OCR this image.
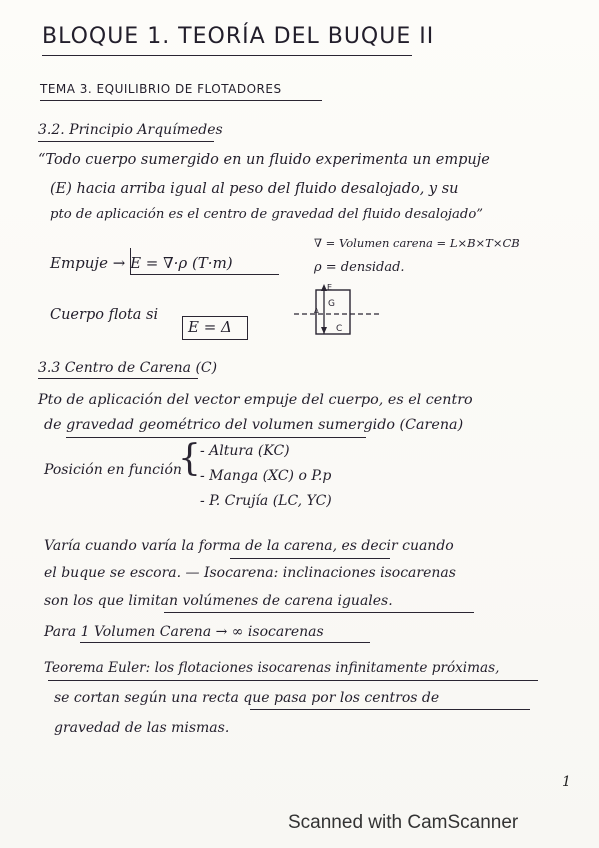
BLOQUE 1. TEORÍA DEL BUQUE II
TEMA 3. EQUILIBRIO DE FLOTADORES
3.2. Principio Arquímedes
“Todo cuerpo sumergido en un fluido experimenta un empuje
(E) hacia arriba igual al peso del fluido desalojado, y su
pto de aplicación es el centro de gravedad del fluido desalojado”
Empuje → E = ∇·ρ (T·m)
∇ = Volumen carena = L×B×T×CB
ρ = densidad.
Cuerpo flota si
E = Δ
G
C
E
Δ
3.3 Centro de Carena (C)
Pto de aplicación del vector empuje del cuerpo, es el centro
de gravedad geométrico del volumen sumergido (Carena)
Posición en función
{ - Altura (KC)
- Manga (XC) o P.p
- P. Crujía (LC, YC)
Varía cuando varía la forma de la carena, es decir cuando
el buque se escora. — Isocarena: inclinaciones isocarenas
son los que limitan volúmenes de carena iguales.
Para 1 Volumen Carena → ∞ isocarenas
Teorema Euler: los flotaciones isocarenas infinitamente próximas,
se cortan según una recta que pasa por los centros de
gravedad de las mismas.
1
Scanned with CamScanner
